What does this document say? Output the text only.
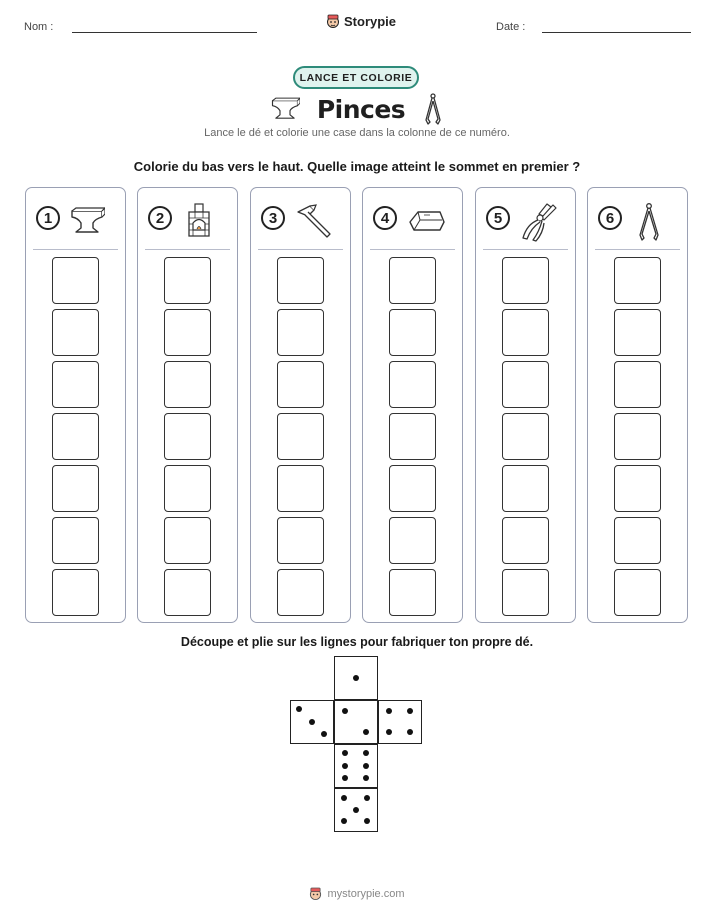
Nom :	Storypie	Date :
LANCE ET COLORIE
Pinces
Lance le dé et colorie une case dans la colonne de ce numéro.
Colorie du bas vers le haut. Quelle image atteint le sommet en premier ?
1	2	3	4	5	6
Découpe et plie sur les lignes pour fabriquer ton propre dé.
mystorypie.com
